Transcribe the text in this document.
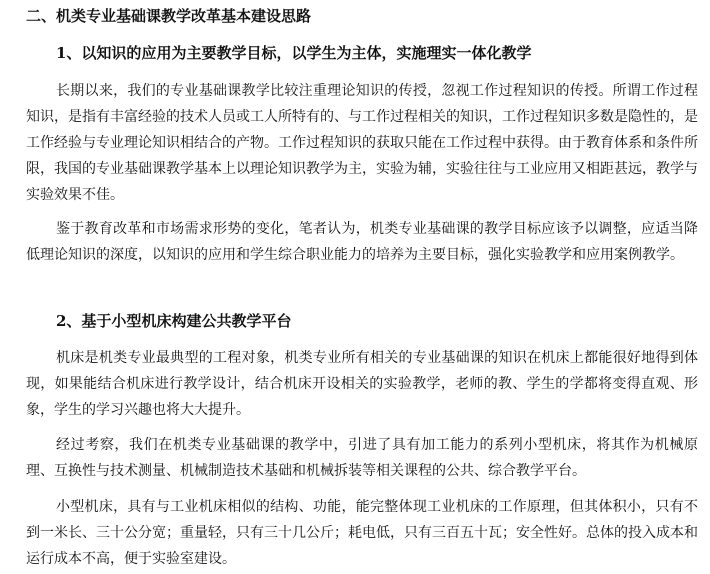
二、机类专业基础课教学改革基本建设思路
1、以知识的应用为主要教学目标，以学生为主体，实施理实一体化教学

长期以来，我们的专业基础课教学比较注重理论知识的传授，忽视工作过程知识的传授。所谓工作过程知识，是指有丰富经验的技术人员或工人所特有的、与工作过程相关的知识，工作过程知识多数是隐性的，是工作经验与专业理论知识相结合的产物。工作过程知识的获取只能在工作过程中获得。由于教育体系和条件所限，我国的专业基础课教学基本上以理论知识教学为主，实验为辅，实验往往与工业应用又相距甚远，教学与实验效果不佳。

鉴于教育改革和市场需求形势的变化，笔者认为，机类专业基础课的教学目标应该予以调整，应适当降低理论知识的深度，以知识的应用和学生综合职业能力的培养为主要目标，强化实验教学和应用案例教学。

2、基于小型机床构建公共教学平台

机床是机类专业最典型的工程对象，机类专业所有相关的专业基础课的知识在机床上都能很好地得到体现，如果能结合机床进行教学设计，结合机床开设相关的实验教学，老师的教、学生的学都将变得直观、形象，学生的学习兴趣也将大大提升。

经过考察，我们在机类专业基础课的教学中，引进了具有加工能力的系列小型机床，将其作为机械原理、互换性与技术测量、机械制造技术基础和机械拆装等相关课程的公共、综合教学平台。

小型机床，具有与工业机床相似的结构、功能，能完整体现工业机床的工作原理，但其体积小，只有不到一米长、三十公分宽；重量轻，只有三十几公斤；耗电低，只有三百五十瓦；安全性好。总体的投入成本和运行成本不高，便于实验室建设。
